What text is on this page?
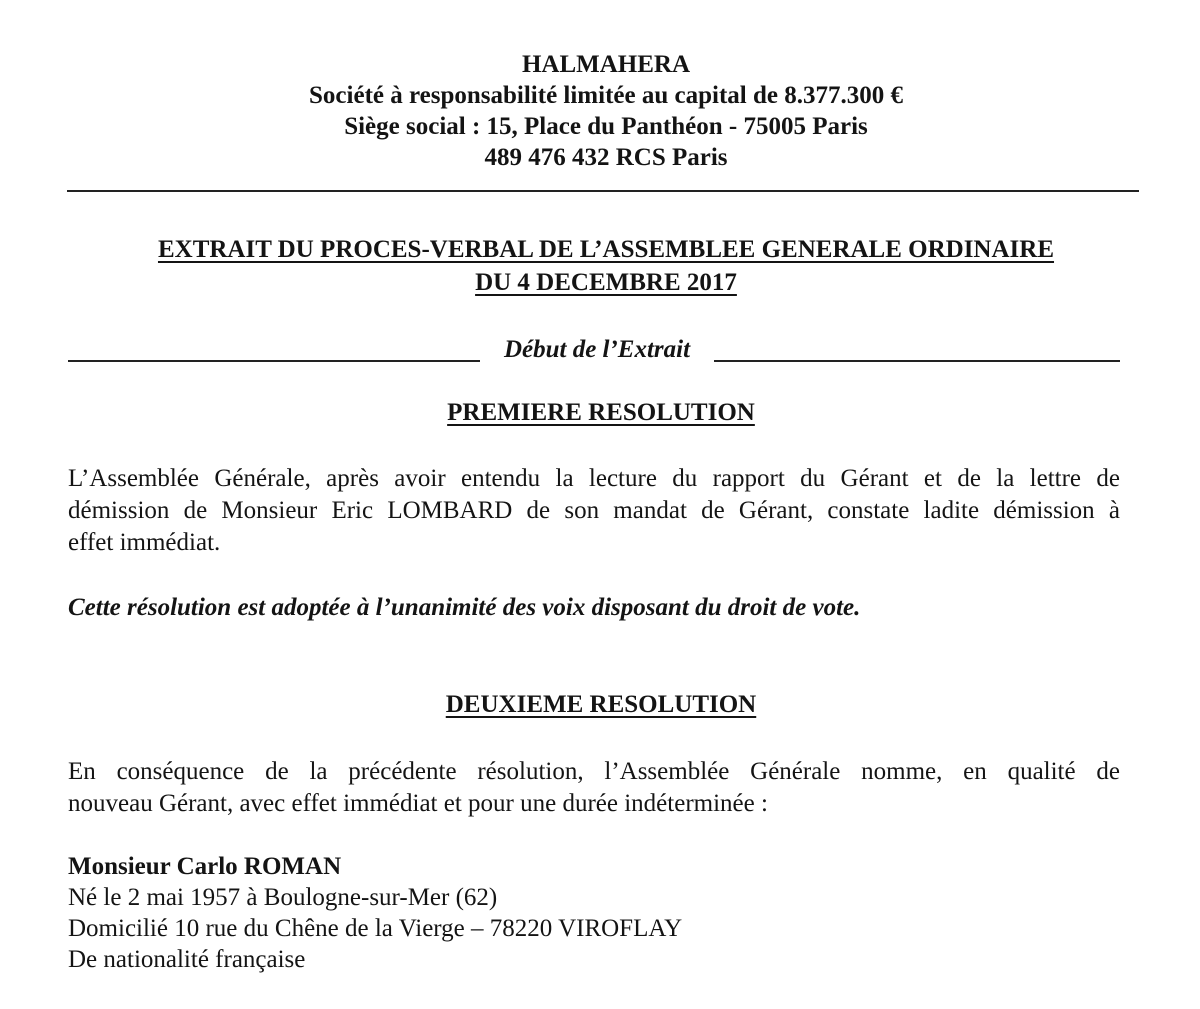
HALMAHERA
Société à responsabilité limitée au capital de 8.377.300 €
Siège social : 15, Place du Panthéon - 75005 Paris
489 476 432 RCS Paris
EXTRAIT DU PROCES-VERBAL DE L’ASSEMBLEE GENERALE ORDINAIRE
DU 4 DECEMBRE 2017
Début de l’Extrait
PREMIERE RESOLUTION
L’Assemblée Générale, après avoir entendu la lecture du rapport du Gérant et de la lettre de
démission de Monsieur Eric LOMBARD de son mandat de Gérant, constate ladite démission à
effet immédiat.
Cette résolution est adoptée à l’unanimité des voix disposant du droit de vote.
DEUXIEME RESOLUTION
En conséquence de la précédente résolution, l’Assemblée Générale nomme, en qualité de
nouveau Gérant, avec effet immédiat et pour une durée indéterminée :
Monsieur Carlo ROMAN
Né le 2 mai 1957 à Boulogne-sur-Mer (62)
Domicilié 10 rue du Chêne de la Vierge – 78220 VIROFLAY
De nationalité française
